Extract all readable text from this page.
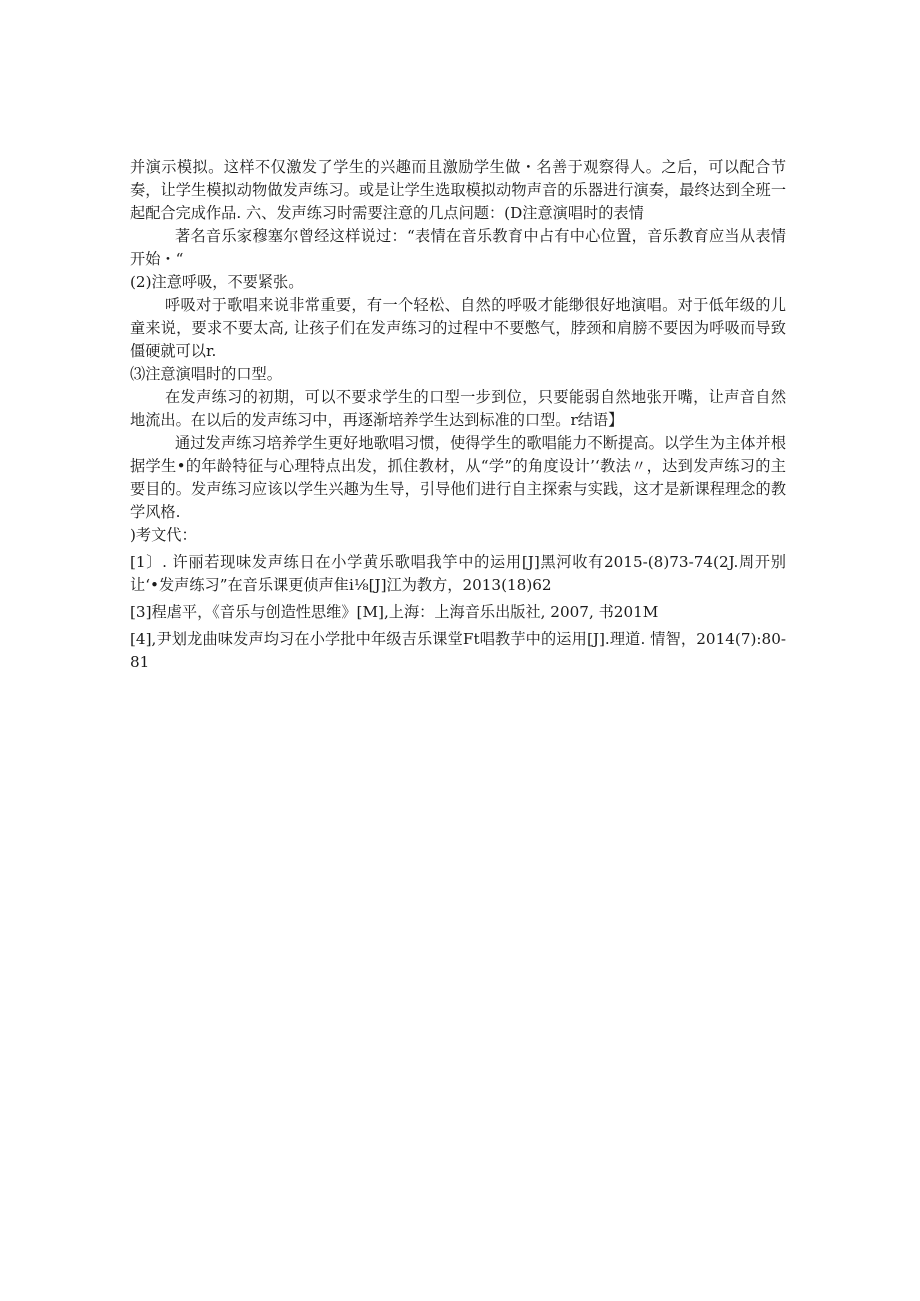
并演示模拟。这样不仅激发了学生的兴趣而且激励学生做・名善于观察得人。之后，可以配合节奏，让学生模拟动物做发声练习。或是让学生选取模拟动物声音的乐器进行演奏，最终达到全班一起配合完成作品. 六、发声练习时需要注意的几点问题：(D注意演唱时的表情

著名音乐家穆塞尔曾经这样说过：“表情在音乐教育中占有中心位置，音乐教育应当从表情开始・“

(2)注意呼吸，不要紧张。

呼吸对于歌唱来说非常重要，有一个轻松、自然的呼吸才能缈很好地演唱。对于低年级的儿童来说，要求不要太高, 让孩子们在发声练习的过程中不要憋气，脖颈和肩膀不要因为呼吸而导致僵硬就可以r.

⑶注意演唱时的口型。

在发声练习的初期，可以不要求学生的口型一步到位，只要能弱自然地张开嘴，让声音自然地流出。在以后的发声练习中，再逐渐培养学生达到标准的口型。r结语】

通过发声练习培养学生更好地歌唱习惯，使得学生的歌唱能力不断提高。以学生为主体并根据学生•的年龄特征与心理特点出发，抓住教材，从“学”的角度设计’‘教法〃，达到发声练习的主要目的。发声练习应该以学生兴趣为生导，引导他们进行自主探索与实践，这才是新课程理念的教学风格.

)考文代：

[1〕. 许丽若现味发声练日在小学黄乐歌唱我竽中的运用[J]黑河收有2015-(8)73-74(2J.周开别让‘•发声练习”在音乐课更侦声隹i⅛[J]江为教方，2013(18)62

[3]程虐平，《音乐与创造性思维》[M],上海：上海音乐出版社, 2007, 书201M

[4],尹划龙曲味发声均习在小学批中年级吉乐课堂Ft唱教芋中的运用[J].理道. 情智，2014(7):80-81
